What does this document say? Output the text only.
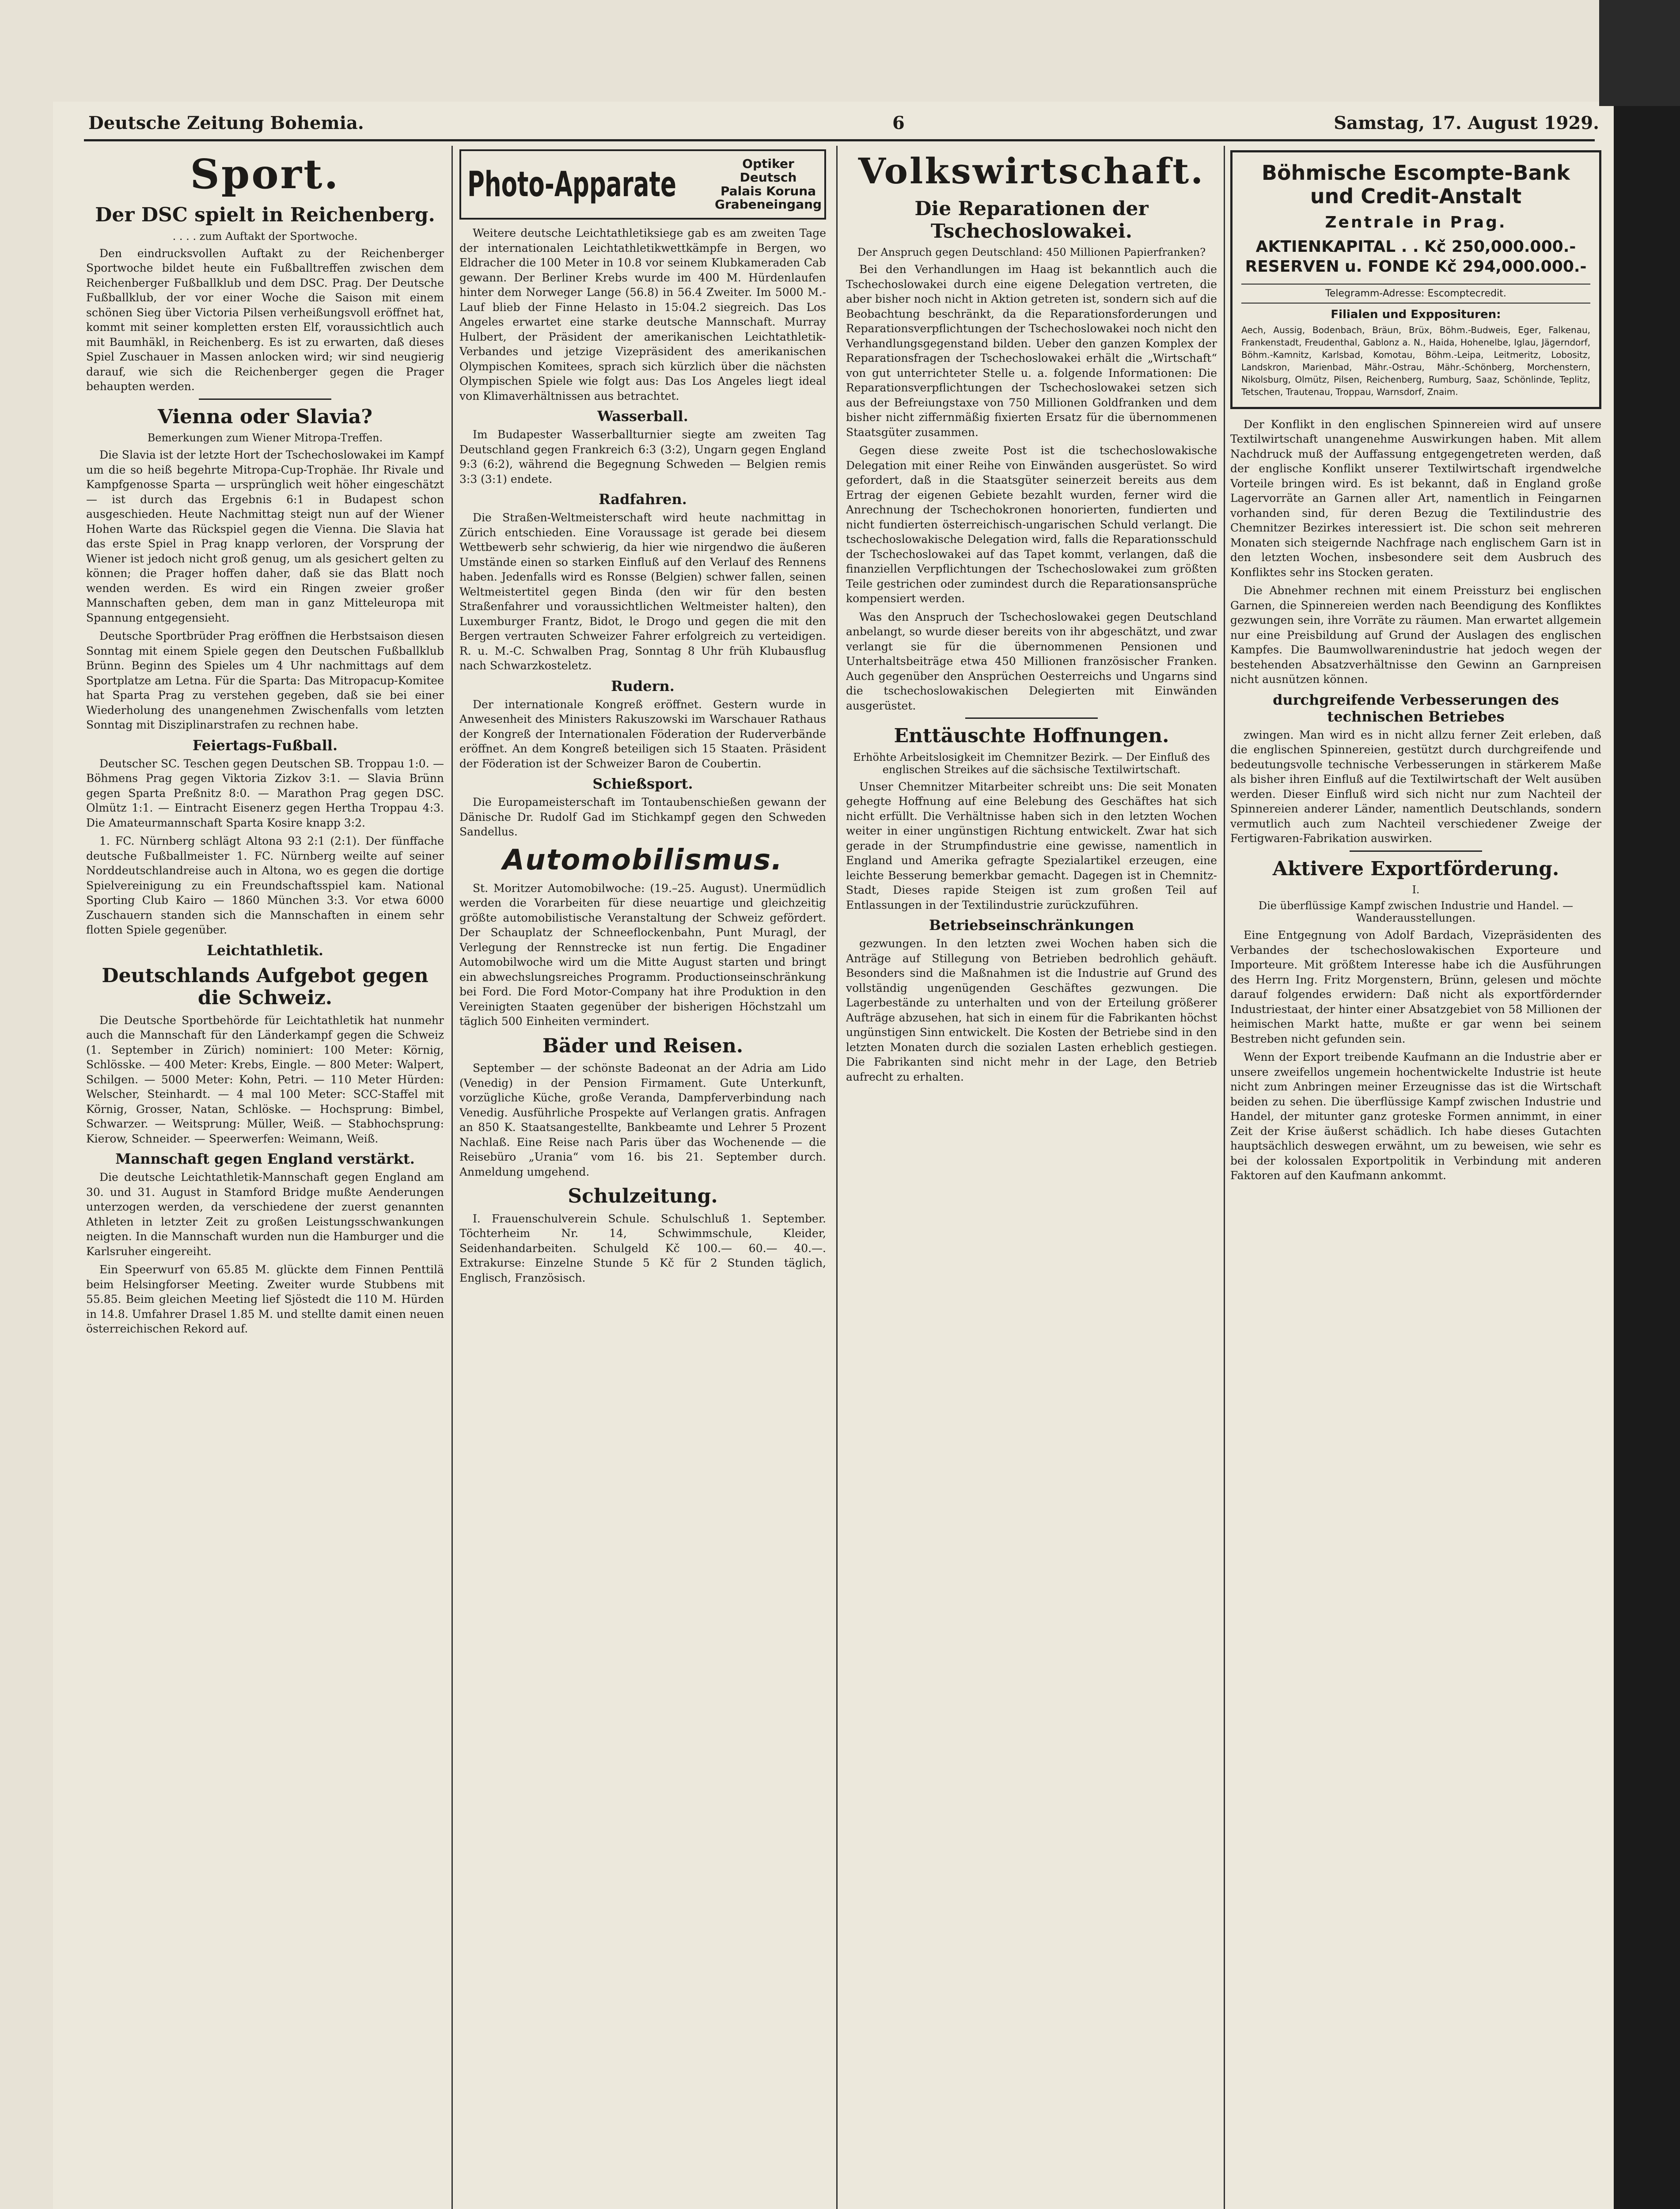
Deutsche Zeitung Bohemia.	6	Samstag, 17. August 1929.
Sport.
Der DSC spielt in Reichenberg.
. . . . zum Auftakt der Sportwoche.

Den eindrucksvollen Auftakt zu der Reichenberger Sportwoche bildet heute ein Fußballtreffen zwischen dem Reichenberger Fußballklub und dem DSC. Prag. Der Deutsche Fußballklub, der vor einer Woche die Saison mit einem schönen Sieg über Victoria Pilsen verheißungsvoll eröffnet hat, kommt mit seiner kompletten ersten Elf, voraussichtlich auch mit Baumhäkl, in Reichenberg. Es ist zu erwarten, daß dieses Spiel Zuschauer in Massen anlocken wird; wir sind neugierig darauf, wie sich die Reichenberger gegen die Prager behaupten werden.

Vienna oder Slavia?
Bemerkungen zum Wiener Mitropa-Treffen.

Die Slavia ist der letzte Hort der Tschechoslowakei im Kampf um die so heiß begehrte Mitropa-Cup-Trophäe. Ihr Rivale und Kampfgenosse Sparta — ursprünglich weit höher eingeschätzt — ist durch das Ergebnis 6:1 in Budapest schon ausgeschieden. Heute Nachmittag steigt nun auf der Wiener Hohen Warte das Rückspiel gegen die Vienna. Die Slavia hat das erste Spiel in Prag knapp verloren, der Vorsprung der Wiener ist jedoch nicht groß genug, um als gesichert gelten zu können; die Prager hoffen daher, daß sie das Blatt noch wenden werden. Es wird ein Ringen zweier großer Mannschaften geben, dem man in ganz Mitteleuropa mit Spannung entgegensieht.

Deutsche Sportbrüder Prag eröffnen die Herbstsaison diesen Sonntag mit einem Spiele gegen den Deutschen Fußballklub Brünn. Beginn des Spieles um 4 Uhr nachmittags auf dem Sportplatze am Letna. Für die Sparta: Das Mitropacup-Komitee hat Sparta Prag zu verstehen gegeben, daß sie bei einer Wiederholung des unangenehmen Zwischenfalls vom letzten Sonntag mit Disziplinarstrafen zu rechnen habe.

Feiertags-Fußball.

Deutscher SC. Teschen gegen Deutschen SB. Troppau 1:0. — Böhmens Prag gegen Viktoria Zizkov 3:1. — Slavia Brünn gegen Sparta Preßnitz 8:0. — Marathon Prag gegen DSC. Olmütz 1:1. — Eintracht Eisenerz gegen Hertha Troppau 4:3. Die Amateurmannschaft Sparta Kosire knapp 3:2.

1. FC. Nürnberg schlägt Altona 93 2:1 (2:1). Der fünffache deutsche Fußballmeister 1. FC. Nürnberg weilte auf seiner Norddeutschlandreise auch in Altona, wo es gegen die dortige Spielvereinigung zu ein Freundschaftsspiel kam. National Sporting Club Kairo — 1860 München 3:3. Vor etwa 6000 Zuschauern standen sich die Mannschaften in einem sehr flotten Spiele gegenüber.

Leichtathletik.
Deutschlands Aufgebot gegen die Schweiz.

Die Deutsche Sportbehörde für Leichtathletik hat nunmehr auch die Mannschaft für den Länderkampf gegen die Schweiz (1. September in Zürich) nominiert: 100 Meter: Körnig, Schlösske. — 400 Meter: Krebs, Eingle. — 800 Meter: Walpert, Schilgen. — 5000 Meter: Kohn, Petri. — 110 Meter Hürden: Welscher, Steinhardt. — 4 mal 100 Meter: SCC-Staffel mit Körnig, Grosser, Natan, Schlöske. — Hochsprung: Bimbel, Schwarzer. — Weitsprung: Müller, Weiß. — Stabhochsprung: Kierow, Schneider. — Speerwerfen: Weimann, Weiß.

Mannschaft gegen England verstärkt.

Die deutsche Leichtathletik-Mannschaft gegen England am 30. und 31. August in Stamford Bridge mußte Aenderungen unterzogen werden, da verschiedene der zuerst genannten Athleten in letzter Zeit zu großen Leistungsschwankungen neigten. In die Mannschaft wurden nun die Hamburger und die Karlsruher eingereiht.

Ein Speerwurf von 65.85 M. glückte dem Finnen Penttilä beim Helsingforser Meeting. Zweiter wurde Stubbens mit 55.85. Beim gleichen Meeting lief Sjöstedt die 110 M. Hürden in 14.8. Umfahrer Drasel 1.85 M. und stellte damit einen neuen österreichischen Rekord auf.

Photo-Apparate
Optiker Deutsch
Palais Koruna
Grabeneingang

Weitere deutsche Leichtathletiksiege gab es am zweiten Tage der internationalen Leichtathletikwettkämpfe in Bergen, wo Eldracher die 100 Meter in 10.8 vor seinem Klubkameraden Cab gewann. Der Berliner Krebs wurde im 400 M. Hürdenlaufen hinter dem Norweger Lange (56.8) in 56.4 Zweiter. Im 5000 M.-Lauf blieb der Finne Helasto in 15:04.2 siegreich. Das Los Angeles erwartet eine starke deutsche Mannschaft. Murray Hulbert, der Präsident der amerikanischen Leichtathletik-Verbandes und jetzige Vizepräsident des amerikanischen Olympischen Komitees, sprach sich kürzlich über die nächsten Olympischen Spiele wie folgt aus: Das Los Angeles liegt ideal von Klimaverhältnissen aus betrachtet.

Wasserball.

Im Budapester Wasserballturnier siegte am zweiten Tag Deutschland gegen Frankreich 6:3 (3:2), Ungarn gegen England 9:3 (6:2), während die Begegnung Schweden — Belgien remis 3:3 (3:1) endete.

Radfahren.

Die Straßen-Weltmeisterschaft wird heute nachmittag in Zürich entschieden. Eine Voraussage ist gerade bei diesem Wettbewerb sehr schwierig, da hier wie nirgendwo die äußeren Umstände einen so starken Einfluß auf den Verlauf des Rennens haben. Jedenfalls wird es Ronsse (Belgien) schwer fallen, seinen Weltmeistertitel gegen Binda (den wir für den besten Straßenfahrer und voraussichtlichen Weltmeister halten), den Luxemburger Frantz, Bidot, le Drogo und gegen die mit den Bergen vertrauten Schweizer Fahrer erfolgreich zu verteidigen. R. u. M.-C. Schwalben Prag, Sonntag 8 Uhr früh Klubausflug nach Schwarzkosteletz.

Rudern.

Der internationale Kongreß eröffnet. Gestern wurde in Anwesenheit des Ministers Rakuszowski im Warschauer Rathaus der Kongreß der Internationalen Föderation der Ruderverbände eröffnet. An dem Kongreß beteiligen sich 15 Staaten. Präsident der Föderation ist der Schweizer Baron de Coubertin.

Schießsport.

Die Europameisterschaft im Tontaubenschießen gewann der Dänische Dr. Rudolf Gad im Stichkampf gegen den Schweden Sandellus.

Automobilismus.

St. Moritzer Automobilwoche: (19.–25. August). Unermüdlich werden die Vorarbeiten für diese neuartige und gleichzeitig größte automobilistische Veranstaltung der Schweiz gefördert. Der Schauplatz der Schneeflockenbahn, Punt Muragl, der Verlegung der Rennstrecke ist nun fertig. Die Engadiner Automobilwoche wird um die Mitte August starten und bringt ein abwechslungsreiches Programm. Productionseinschränkung bei Ford. Die Ford Motor-Company hat ihre Produktion in den Vereinigten Staaten gegenüber der bisherigen Höchstzahl um täglich 500 Einheiten vermindert.

Bäder und Reisen.

September — der schönste Badeonat an der Adria am Lido (Venedig) in der Pension Firmament. Gute Unterkunft, vorzügliche Küche, große Veranda, Dampferverbindung nach Venedig. Ausführliche Prospekte auf Verlangen gratis. Anfragen an 850 K. Staatsangestellte, Bankbeamte und Lehrer 5 Prozent Nachlaß. Eine Reise nach Paris über das Wochenende — die Reisebüro „Urania“ vom 16. bis 21. September durch. Anmeldung umgehend.

Schulzeitung.

I. Frauenschulverein Schule. Schulschluß 1. September. Töchterheim Nr. 14, Schwimmschule, Kleider, Seidenhandarbeiten. Schulgeld Kč 100.— 60.— 40.—. Extrakurse: Einzelne Stunde 5 Kč für 2 Stunden täglich, Englisch, Französisch.

Volkswirtschaft.
Die Reparationen der Tschechoslowakei.
Der Anspruch gegen Deutschland: 450 Millionen Papierfranken?

Bei den Verhandlungen im Haag ist bekanntlich auch die Tschechoslowakei durch eine eigene Delegation vertreten, die aber bisher noch nicht in Aktion getreten ist, sondern sich auf die Beobachtung beschränkt, da die Reparationsforderungen und Reparationsverpflichtungen der Tschechoslowakei noch nicht den Verhandlungsgegenstand bilden. Ueber den ganzen Komplex der Reparationsfragen der Tschechoslowakei erhält die „Wirtschaft“ von gut unterrichteter Stelle u. a. folgende Informationen: Die Reparationsverpflichtungen der Tschechoslowakei setzen sich aus der Befreiungstaxe von 750 Millionen Goldfranken und dem bisher nicht ziffernmäßig fixierten Ersatz für die übernommenen Staatsgüter zusammen.

Gegen diese zweite Post ist die tschechoslowakische Delegation mit einer Reihe von Einwänden ausgerüstet. So wird gefordert, daß in die Staatsgüter seinerzeit bereits aus dem Ertrag der eigenen Gebiete bezahlt wurden, ferner wird die Anrechnung der Tschechokronen honorierten, fundierten und nicht fundierten österreichisch-ungarischen Schuld verlangt. Die tschechoslowakische Delegation wird, falls die Reparationsschuld der Tschechoslowakei auf das Tapet kommt, verlangen, daß die finanziellen Verpflichtungen der Tschechoslowakei zum größten Teile gestrichen oder zumindest durch die Reparationsansprüche kompensiert werden.

Was den Anspruch der Tschechoslowakei gegen Deutschland anbelangt, so wurde dieser bereits von ihr abgeschätzt, und zwar verlangt sie für die übernommenen Pensionen und Unterhaltsbeiträge etwa 450 Millionen französischer Franken. Auch gegenüber den Ansprüchen Oesterreichs und Ungarns sind die tschechoslowakischen Delegierten mit Einwänden ausgerüstet.

Enttäuschte Hoffnungen.
Erhöhte Arbeitslosigkeit im Chemnitzer Bezirk. — Der Einfluß des englischen Streikes auf die sächsische Textilwirtschaft.

Unser Chemnitzer Mitarbeiter schreibt uns: Die seit Monaten gehegte Hoffnung auf eine Belebung des Geschäftes hat sich nicht erfüllt. Die Verhältnisse haben sich in den letzten Wochen weiter in einer ungünstigen Richtung entwickelt. Zwar hat sich gerade in der Strumpfindustrie eine gewisse, namentlich in England und Amerika gefragte Spezialartikel erzeugen, eine leichte Besserung bemerkbar gemacht. Dagegen ist in Chemnitz-Stadt, Dieses rapide Steigen ist zum großen Teil auf Entlassungen in der Textilindustrie zurückzuführen.

Betriebseinschränkungen

gezwungen. In den letzten zwei Wochen haben sich die Anträge auf Stillegung von Betrieben bedrohlich gehäuft. Besonders sind die Maßnahmen ist die Industrie auf Grund des vollständig ungenügenden Geschäftes gezwungen. Die Lagerbestände zu unterhalten und von der Erteilung größerer Aufträge abzusehen, hat sich in einem für die Fabrikanten höchst ungünstigen Sinn entwickelt. Die Kosten der Betriebe sind in den letzten Monaten durch die sozialen Lasten erheblich gestiegen. Die Fabrikanten sind nicht mehr in der Lage, den Betrieb aufrecht zu erhalten.

Böhmische Escompte-Bank und Credit-Anstalt
Zentrale in Prag.
AKTIENKAPITAL . . Kč 250,000.000.-
RESERVEN u. FONDE Kč 294,000.000.-
Telegramm-Adresse: Escomptecredit.
Filialen und Expposituren:
Aech, Aussig, Bodenbach, Bräun, Brüx, Böhm.-Budweis, Eger, Falkenau, Frankenstadt, Freudenthal, Gablonz a. N., Haida, Hohenelbe, Iglau, Jägerndorf, Böhm.-Kamnitz, Karlsbad, Komotau, Böhm.-Leipa, Leitmeritz, Lobositz, Landskron, Marienbad, Mähr.-Ostrau, Mähr.-Schönberg, Morchenstern, Nikolsburg, Olmütz, Pilsen, Reichenberg, Rumburg, Saaz, Schönlinde, Teplitz, Tetschen, Trautenau, Troppau, Warnsdorf, Znaim.

Der Konflikt in den englischen Spinnereien wird auf unsere Textilwirtschaft unangenehme Auswirkungen haben. Mit allem Nachdruck muß der Auffassung entgegengetreten werden, daß der englische Konflikt unserer Textilwirtschaft irgendwelche Vorteile bringen wird. Es ist bekannt, daß in England große Lagervorräte an Garnen aller Art, namentlich in Feingarnen vorhanden sind, für deren Bezug die Textilindustrie des Chemnitzer Bezirkes interessiert ist. Die schon seit mehreren Monaten sich steigernde Nachfrage nach englischem Garn ist in den letzten Wochen, insbesondere seit dem Ausbruch des Konfliktes sehr ins Stocken geraten.

Die Abnehmer rechnen mit einem Preissturz bei englischen Garnen, die Spinnereien werden nach Beendigung des Konfliktes gezwungen sein, ihre Vorräte zu räumen. Man erwartet allgemein nur eine Preisbildung auf Grund der Auslagen des englischen Kampfes. Die Baumwollwarenindustrie hat jedoch wegen der bestehenden Absatzverhältnisse den Gewinn an Garnpreisen nicht ausnützen können.

durchgreifende Verbesserungen des technischen Betriebes

zwingen. Man wird es in nicht allzu ferner Zeit erleben, daß die englischen Spinnereien, gestützt durch durchgreifende und bedeutungsvolle technische Verbesserungen in stärkerem Maße als bisher ihren Einfluß auf die Textilwirtschaft der Welt ausüben werden. Dieser Einfluß wird sich nicht nur zum Nachteil der Spinnereien anderer Länder, namentlich Deutschlands, sondern vermutlich auch zum Nachteil verschiedener Zweige der Fertigwaren-Fabrikation auswirken.

Aktivere Exportförderung.
I.
Die überflüssige Kampf zwischen Industrie und Handel. — Wanderausstellungen.

Eine Entgegnung von Adolf Bardach, Vizepräsidenten des Verbandes der tschechoslowakischen Exporteure und Importeure. Mit größtem Interesse habe ich die Ausführungen des Herrn Ing. Fritz Morgenstern, Brünn, gelesen und möchte darauf folgendes erwidern: Daß nicht als exportfördernder Industriestaat, der hinter einer Absatzgebiet von 58 Millionen der heimischen Markt hatte, mußte er gar wenn bei seinem Bestreben nicht gefunden sein.

Wenn der Export treibende Kaufmann an die Industrie aber er unsere zweifellos ungemein hochentwickelte Industrie ist heute nicht zum Anbringen meiner Erzeugnisse das ist die Wirtschaft beiden zu sehen. Die überflüssige Kampf zwischen Industrie und Handel, der mitunter ganz groteske Formen annimmt, in einer Zeit der Krise äußerst schädlich. Ich habe dieses Gutachten hauptsächlich deswegen erwähnt, um zu beweisen, wie sehr es bei der kolossalen Exportpolitik in Verbindung mit anderen Faktoren auf den Kaufmann ankommt.
